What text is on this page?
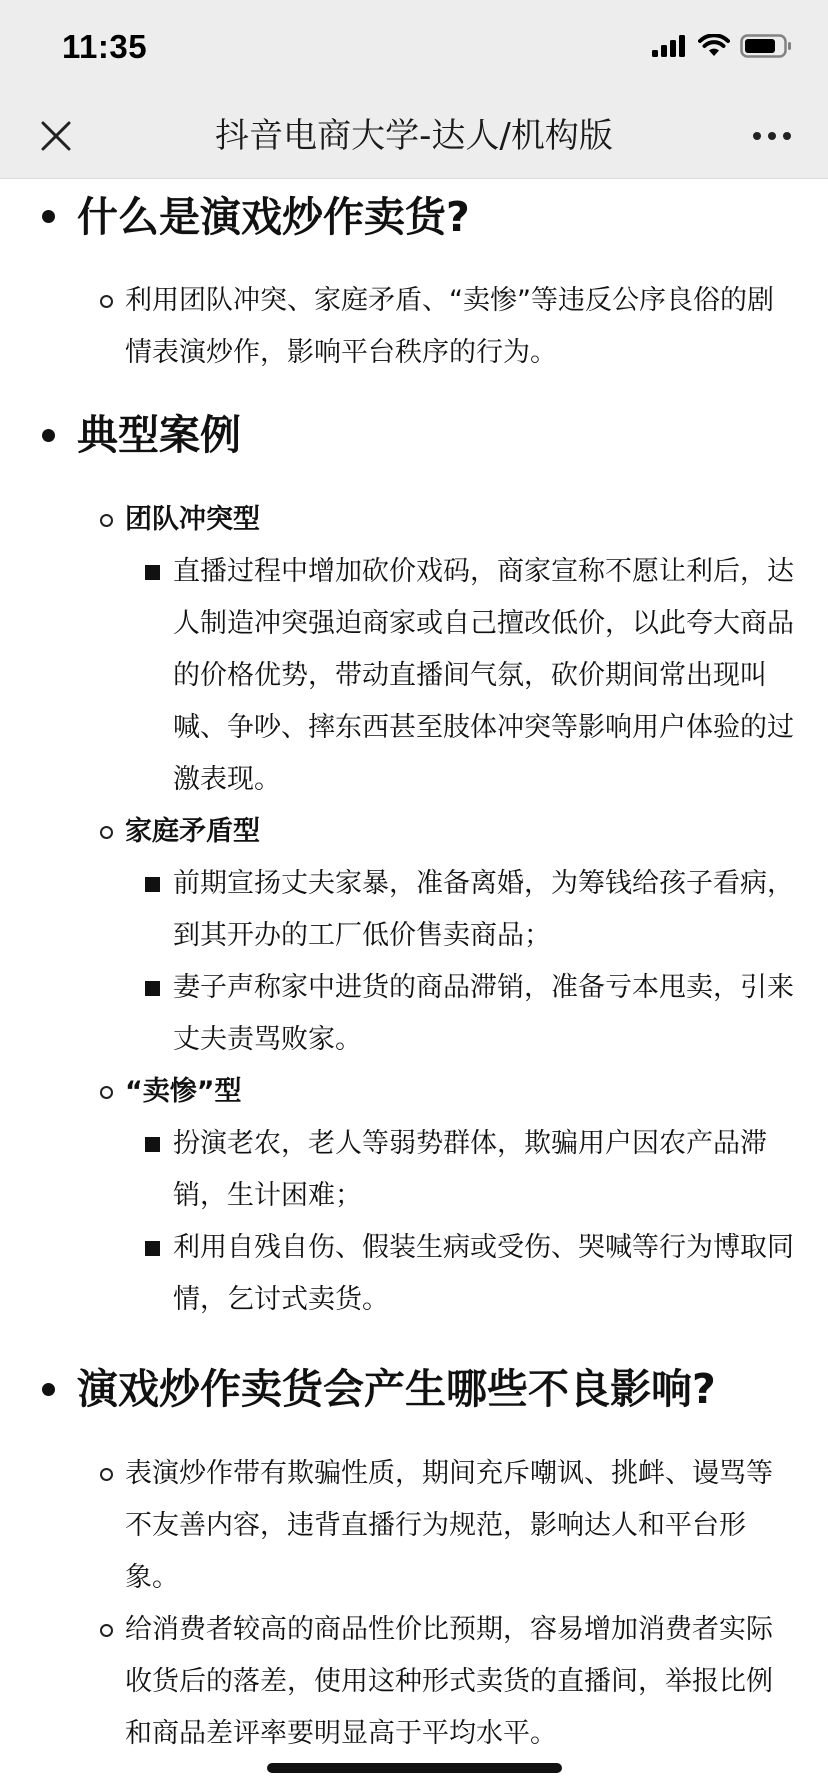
11:35
抖音电商大学-达人/机构版
什么是演戏炒作卖货?
利用团队冲突、家庭矛盾、“卖惨”等违反公序良俗的剧情表演炒作，影响平台秩序的行为。
典型案例
团队冲突型
直播过程中增加砍价戏码，商家宣称不愿让利后，达人制造冲突强迫商家或自己擅改低价，以此夸大商品的价格优势，带动直播间气氛，砍价期间常出现叫喊、争吵、摔东西甚至肢体冲突等影响用户体验的过激表现。
家庭矛盾型
前期宣扬丈夫家暴，准备离婚，为筹钱给孩子看病，到其开办的工厂低价售卖商品；
妻子声称家中进货的商品滞销，准备亏本甩卖，引来丈夫责骂败家。
“卖惨”型
扮演老农，老人等弱势群体，欺骗用户因农产品滞销，生计困难；
利用自残自伤、假装生病或受伤、哭喊等行为博取同情，乞讨式卖货。
演戏炒作卖货会产生哪些不良影响?
表演炒作带有欺骗性质，期间充斥嘲讽、挑衅、谩骂等不友善内容，违背直播行为规范，影响达人和平台形象。
给消费者较高的商品性价比预期，容易增加消费者实际收货后的落差，使用这种形式卖货的直播间，举报比例和商品差评率要明显高于平均水平。
